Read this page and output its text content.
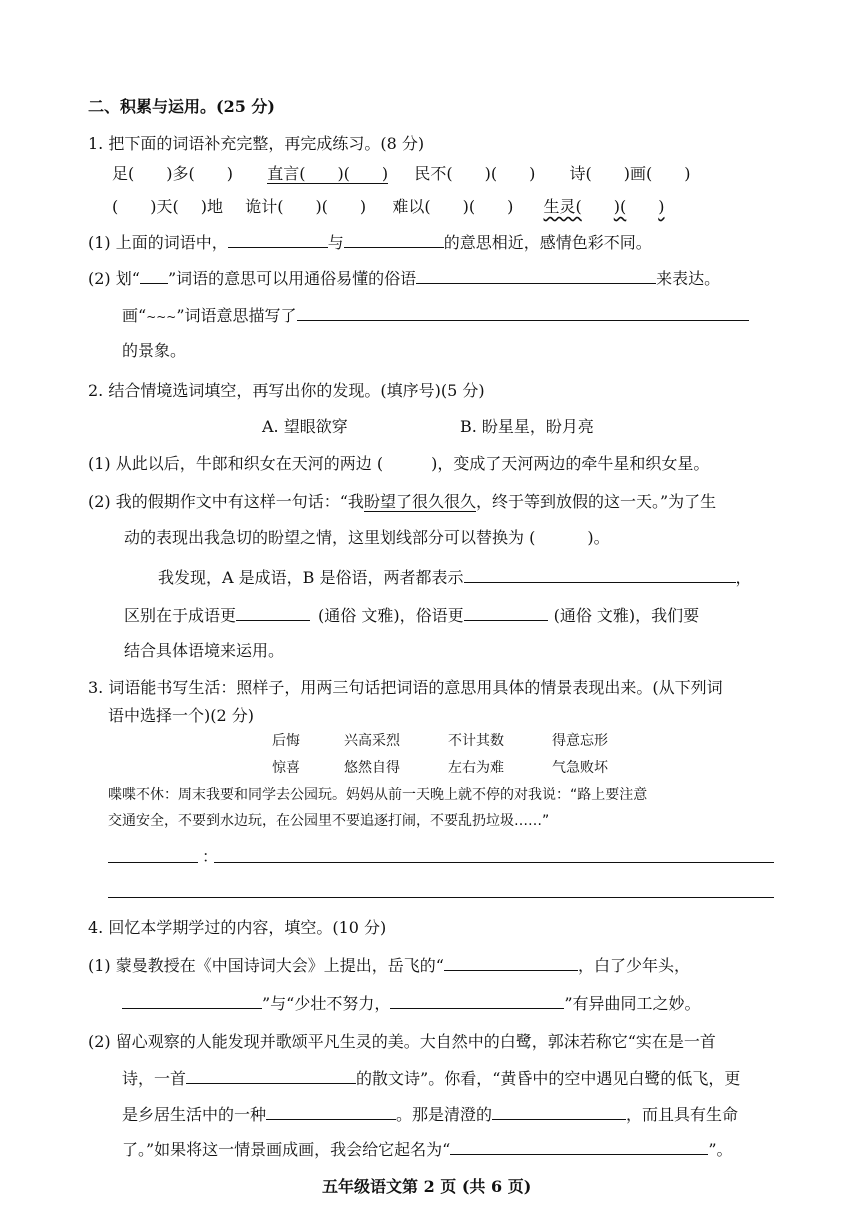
二、积累与运用。(25 分)
1. 把下面的词语补充完整，再完成练习。(8 分)
足( )多( ) 直言( )( ) 民不( )( ) 诗( )画( )
( )天( )地 诡计( )( ) 难以( )( ) 生灵( )( )
(1) 上面的词语中，	与	的意思相近，感情色彩不同。
(2) 划“ ”词语的意思可以用通俗易懂的俗语	来表达。
画“~~~”词语意思描写了
的景象。
2. 结合情境选词填空，再写出你的发现。(填序号)(5 分)
A. 望眼欲穿	B. 盼星星，盼月亮
(1) 从此以后，牛郎和织女在天河的两边 (	)，变成了天河两边的牵牛星和织女星。
(2) 我的假期作文中有这样一句话：“我盼望了很久很久，终于等到放假的这一天。”为了生
动的表现出我急切的盼望之情，这里划线部分可以替换为 (	)。
我发现，A 是成语，B 是俗语，两者都表示	，
区别在于成语更	(通俗 文雅)，俗语更	(通俗 文雅)，我们要
结合具体语境来运用。
3. 词语能书写生活：照样子，用两三句话把词语的意思用具体的情景表现出来。(从下列词
语中选择一个)(2 分)
后悔	兴高采烈	不计其数	得意忘形
惊喜	悠然自得	左右为难	气急败坏
喋喋不休：周末我要和同学去公园玩。妈妈从前一天晚上就不停的对我说：“路上要注意
交通安全，不要到水边玩，在公园里不要追逐打闹，不要乱扔垃圾……”
：
4. 回忆本学期学过的内容，填空。(10 分)
(1) 蒙曼教授在《中国诗词大会》上提出，岳飞的“	，白了少年头，
”与“少壮不努力，	”有异曲同工之妙。
(2) 留心观察的人能发现并歌颂平凡生灵的美。大自然中的白鹭，郭沫若称它“实在是一首
诗，一首	的散文诗”。你看，“黄昏中的空中遇见白鹭的低飞，更
是乡居生活中的一种	。那是清澄的	，而且具有生命
了。”如果将这一情景画成画，我会给它起名为“	”。
五年级语文第 2 页 (共 6 页)
